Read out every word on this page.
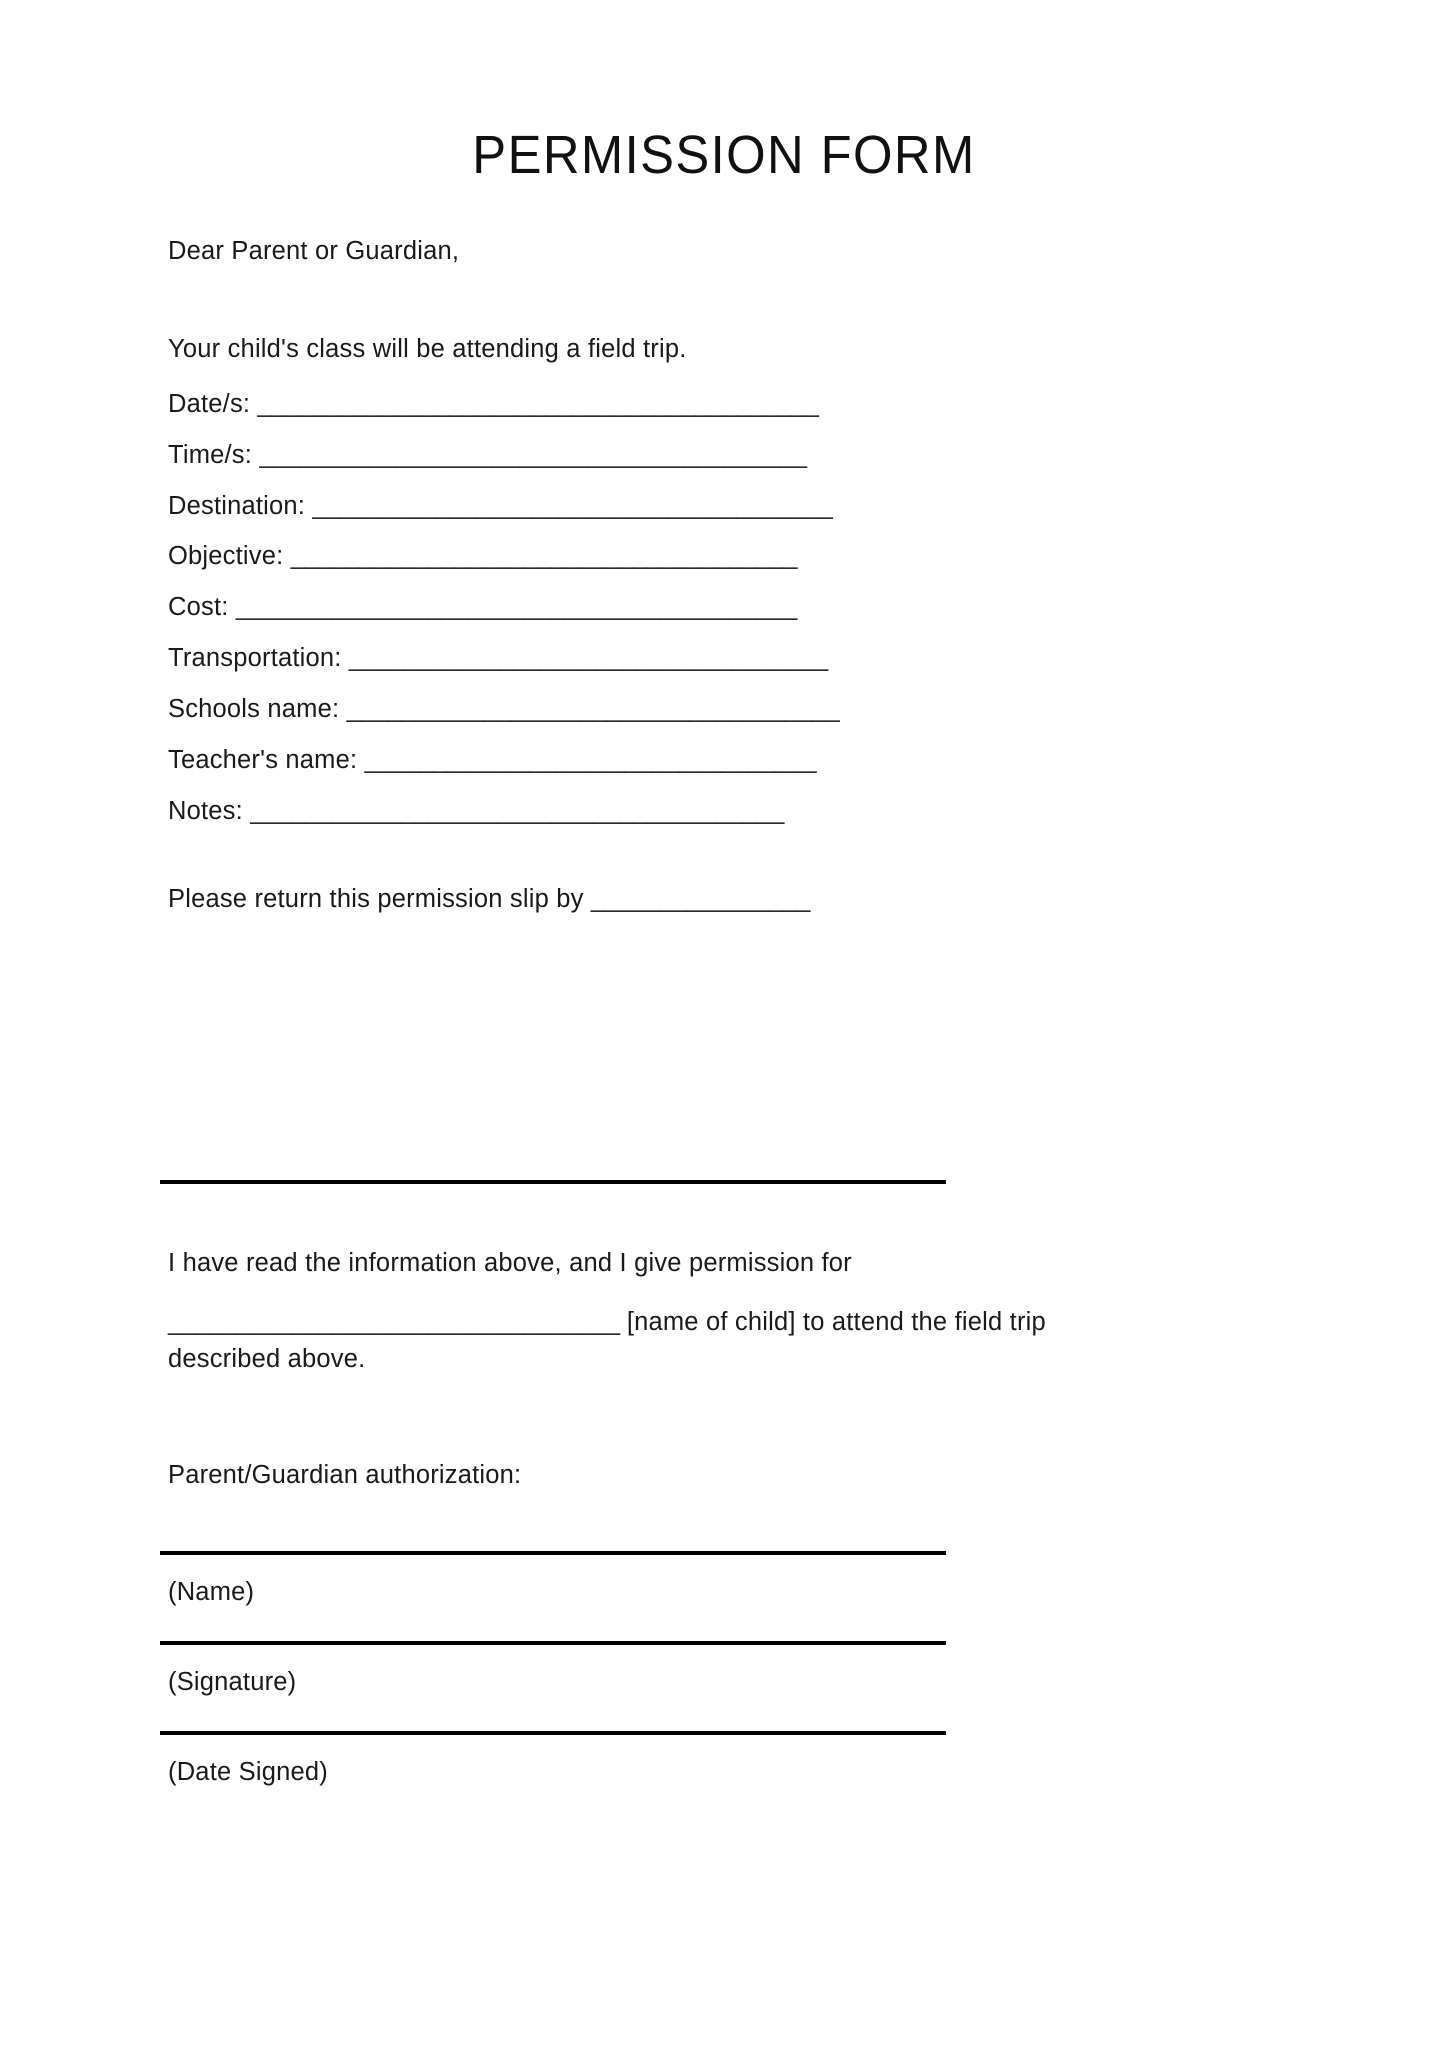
PERMISSION FORM

Dear Parent or Guardian,

Your child's class will be attending a field trip.

Date/s: _________________________________________
Time/s: ________________________________________
Destination: ______________________________________
Objective: _____________________________________
Cost: _________________________________________
Transportation: ___________________________________
Schools name: ____________________________________
Teacher's name: _________________________________
Notes: _______________________________________

Please return this permission slip by ________________

I have read the information above, and I give permission for

_________________________________ [name of child] to attend the field trip

described above.

Parent/Guardian authorization:
(Name)
(Signature)
(Date Signed)
